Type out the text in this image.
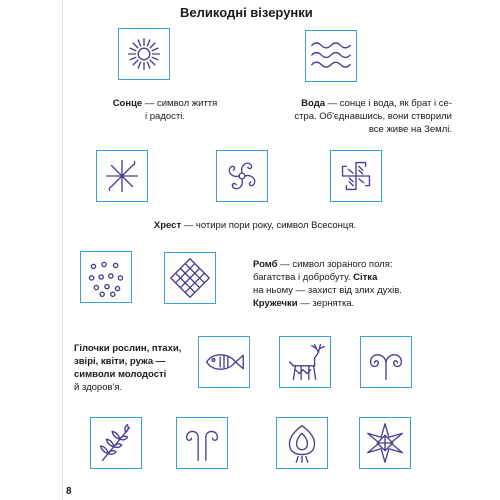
Великодні візерунки
Сонце — символ життя
і радості.
Вода — сонце і вода, як брат і се-
стра. Об'єднавшись, вони створили
все живе на Землі.
Хрест — чотири пори року, символ Всесонця.
Ромб — символ зораного поля:
багатства і добробуту. Сітка
на ньому — захист від злих духів.
Кружечки — зернятка.
Гілочки рослин, птахи,
звірі, квіти, ружа —
символи молодості
й здоров'я.
8
